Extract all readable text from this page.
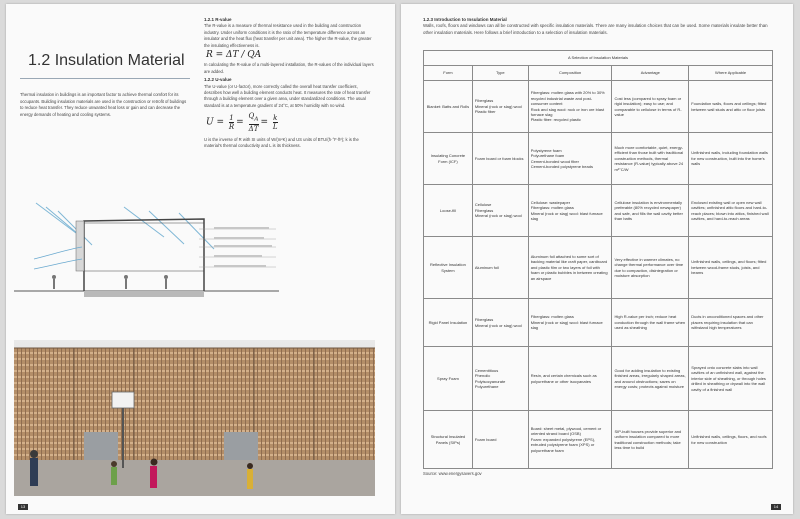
1.2 Insulation Material
Thermal insulation in buildings is an important factor to achieve thermal comfort for its occupants. Building insulation materials are used in the construction or retrofit of buildings to reduce heat transfer. They reduce unwanted heat loss or gain and can decrease the energy demands of heating and cooling systems.
1.2.1 R-value

The R-value is a measure of thermal resistance used in the building and construction industry. Under uniform conditions it is the ratio of the temperature difference across an insulator and the heat flux (heat transfer per unit area). The higher the R-value, the greater the insulating effectiveness is.

R = ΔT / QA

In calculating the R-value of a multi-layered installation, the R-values of the individual layers are added.

1.2.2 U-value

The U-value (or U-factor), more correctly called the overall heat transfer coefficient, describes how well a building element conducts heat. It measures the rate of heat transfer through a building element over a given area, under standardized conditions. The usual standard is at a temperature gradient of 24°C, at 50% humidity with no wind.

$U = \frac{1}{R} = \frac{Q_A}{\Delta T} = \frac{k}{L}$

U is the inverse of R with SI units of W/(m²K) and US units of BTU/(h·°F·ft²); k is the material's thermal conductivity and L is its thickness.

13
1.2.3 Introduction to Insulation Material

Walls, roofs, floors and windows can all be constructed with specific insulation materials. There are many insulation choices that can be used. Some materials insulate better than other insulation materials. Here follows a brief introduction to a selection of insulation materials.

A Selection of Insulation Materials				
Form	Type	Composition	Advantage	Where Applicable
Blanket: Batts and Rolls	Fiberglass
Mineral (rock or slag) wool
Plastic fiber	Fiberglass: molten glass with 20% to 30% recycled industrial waste and post-consumer content
Rock and slag wool: rock or iron ore blast furnace slag
Plastic fiber: recycled plastic	Cost less (compared to spray foam or rigid insulation); easy to use; and comparable to cellulose in terms of R-value	Foundation walls, floors and ceilings; fitted between wall studs and attic or floor joists
Insulating Concrete Form (ICF)	Foam board or foam blocks	Polystyrene foam
Polyurethane foam
Cement-bonded wood fiber
Cement-bonded polystyrene beads	Much more comfortable, quiet, energy-efficient than those built with traditional construction methods, thermal resistance (R-value) typically above 24 m²°C/W	Unfinished walls, including foundation walls for new construction, built into the home's walls
Loose-fill	Cellulose
Fiberglass
Mineral (rock or slag) wool	Cellulose: wastepaper
Fiberglass: molten glass
Mineral (rock or slag) wool: blast furnace slag	Cellulose insulation is environmentally preferable (80% recycled newspaper) and safe, and fills the wall cavity better than batts	Enclosed existing wall or open new wall cavities; unfinished attic floors and hard-to-reach places; blown into attics, finished wall cavities, and hard-to-reach areas
Reflective Insulation System	Aluminum foil	Aluminum foil attached to some sort of backing material like craft paper, cardboard and plastic film or two layers of foil with foam or plastic bubbles in between creating an airspace	Very effective in warmer climates, no change thermal performance over time due to compaction, disintegration or moisture absorption	Unfinished walls, ceilings, and floors; fitted between wood-frame studs, joists, and beams
Rigid Panel Insulation	Fiberglass
Mineral (rock or slag) wool	Fiberglass: molten glass
Mineral (rock or slag) wool: blast furnace slag	High R-value per inch; reduce heat conduction through the wall frame when used as sheathing	Ducts in unconditioned spaces and other places requiring insulation that can withstand high temperatures
Spray Foam	Cementitious
Phenolic
Polyisocyanurate
Polyurethane	Resin, and certain chemicals such as polyurethane or other isocyanates	Good for adding insulation to existing finished areas, irregularly shaped areas, and around obstructions; saves on energy costs; protects against moisture	Sprayed onto concrete slabs into wall cavities of an unfinished wall, against the interior side of sheathing, or through holes drilled in sheathing or drywall into the wall cavity of a finished wall
Structural Insulated Panels (SIPs)	Foam board	Board: sheet metal, plywood, cement or oriented strand board (OSB)
Foam: expanded polystyrene (EPS), extruded polystyrene foam (XPS) or polyurethane foam	SIP-built houses provide superior and uniform insulation compared to more traditional construction methods; take less time to build	Unfinished walls, ceilings, floors, and roofs for new construction
Source: www.energysavers.gov
14
